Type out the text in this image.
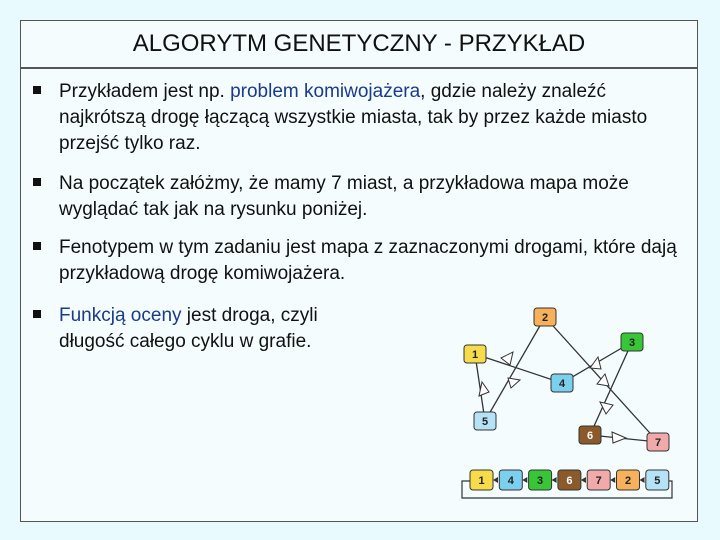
ALGORYTM GENETYCZNY - PRZYKŁAD
Przykładem jest np. problem komiwojażera, gdzie należy znaleźć najkrótszą drogę łączącą wszystkie miasta, tak by przez każde miasto przejść tylko raz.
Na początek załóżmy, że mamy 7 miast, a przykładowa mapa może wyglądać tak jak na rysunku poniżej.
Fenotypem w tym zadaniu jest mapa z zaznaczonymi drogami, które dają przykładową drogę komiwojażera.
Funkcją oceny jest droga, czyli długość całego cyklu w grafie.
2
3
1
4
5
6
7
1 4 3 6 7 2 5
